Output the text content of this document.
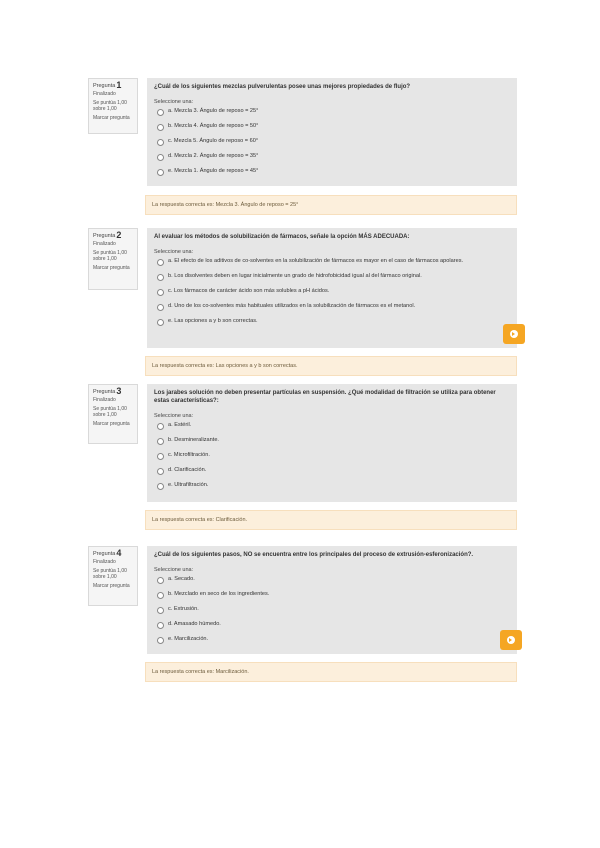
Pregunta1
Finalizado
Se puntúa 1,00 sobre 1,00
Marcar pregunta

¿Cuál de los siguientes mezclas pulverulentas posee unas mejores propiedades de flujo?

Seleccione una:
a. Mezcla 3. Ángulo de reposo = 25°
b. Mezcla 4. Ángulo de reposo = 50°
c. Mezcla 5. Ángulo de reposo = 60°
d. Mezcla 2. Ángulo de reposo = 35°
e. Mezcla 1. Ángulo de reposo = 45°
La respuesta correcta es: Mezcla 3. Ángulo de reposo = 25°
Pregunta2
Finalizado
Se puntúa 1,00 sobre 1,00
Marcar pregunta

Al evaluar los métodos de solubilización de fármacos, señale la opción MÁS ADECUADA:

Seleccione una:
a. El efecto de los aditivos de co-solventes en la solubilización de fármacos es mayor en el caso de fármacos apolares.
b. Los disolventes deben en lugar inicialmente un grado de hidrofobicidad igual al del fármaco original.
c. Los fármacos de carácter ácido son más solubles a pH ácidos.
d. Uno de los co-solventes más habituales utilizados en la solubilización de fármacos es el metanol.
e. Las opciones a y b son correctas.
La respuesta correcta es: Las opciones a y b son correctas.
Pregunta3
Finalizado
Se puntúa 1,00 sobre 1,00
Marcar pregunta

Los jarabes solución no deben presentar partículas en suspensión. ¿Qué modalidad de filtración se utiliza para obtener estas características?:

Seleccione una:
a. Estéril.
b. Desmineralizante.
c. Microfiltración.
d. Clarificación.
e. Ultrafiltración.
La respuesta correcta es: Clarificación.
Pregunta4
Finalizado
Se puntúa 1,00 sobre 1,00
Marcar pregunta

¿Cuál de los siguientes pasos, NO se encuentra entre los principales del proceso de extrusión-esferonización?.

Seleccione una:
a. Secado.
b. Mezclado en seco de los ingredientes.
c. Extrusión.
d. Amasado húmedo.
e. Marcilización.
La respuesta correcta es: Marcilización.
